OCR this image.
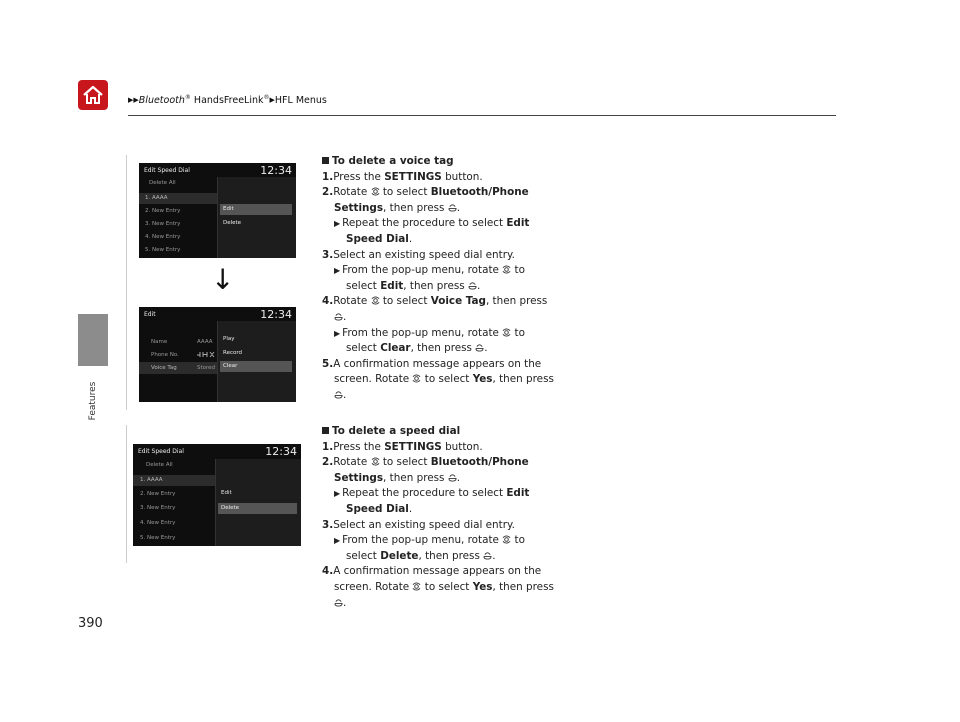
▶▶Bluetooth® HandsFreeLink®▶HFL Menus
Features
390
Edit Speed Dial	12:34
Delete All
1. AAAA
2. New Entry
3. New Entry
4. New Entry
5. New Entry
Edit
Delete
↓
Edit	12:34
Name	AAAA
Phone No.
Voice Tag	Stored
Play
Record
Clear
Edit Speed Dial	12:34
Delete All
1. AAAA
2. New Entry
3. New Entry
4. New Entry
5. New Entry
Edit
Delete
To delete a voice tag
1.Press the SETTINGS button.
2.Rotate  to select Bluetooth/Phone
Settings, then press .
▶ Repeat the procedure to select Edit
Speed Dial.
3.Select an existing speed dial entry.
▶ From the pop-up menu, rotate  to
select Edit, then press .
4.Rotate  to select Voice Tag, then press
.
▶ From the pop-up menu, rotate  to
select Clear, then press .
5.A confirmation message appears on the
screen. Rotate  to select Yes, then press
.
To delete a speed dial
1.Press the SETTINGS button.
2.Rotate  to select Bluetooth/Phone
Settings, then press .
▶ Repeat the procedure to select Edit
Speed Dial.
3.Select an existing speed dial entry.
▶ From the pop-up menu, rotate  to
select Delete, then press .
4.A confirmation message appears on the
screen. Rotate  to select Yes, then press
.
